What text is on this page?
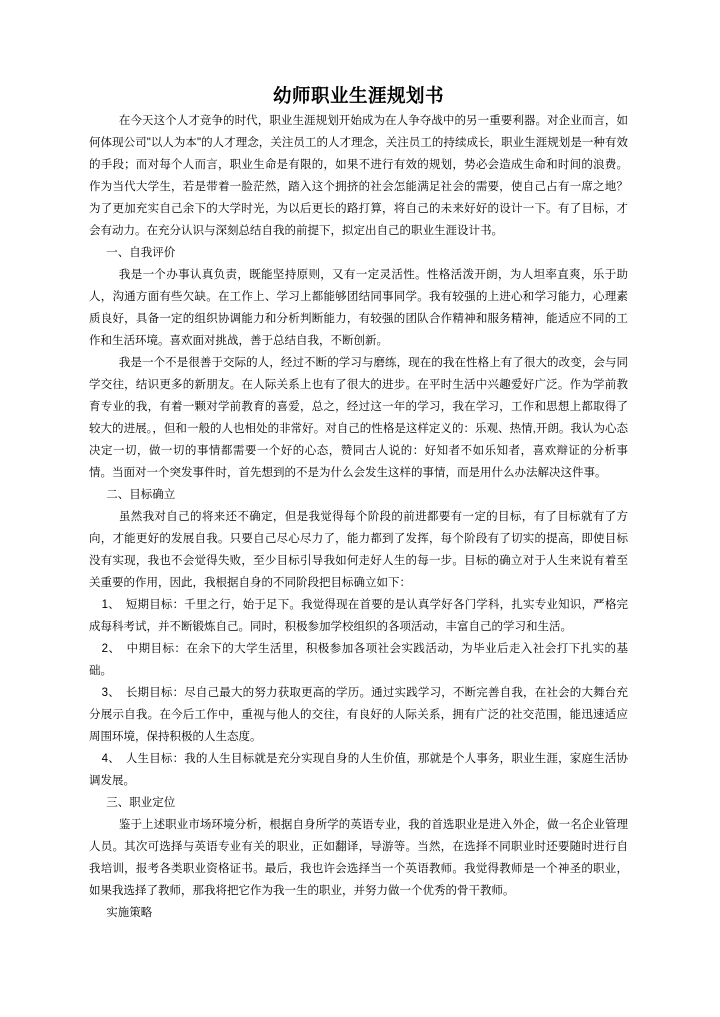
幼师职业生涯规划书

在今天这个人才竞争的时代，职业生涯规划开始成为在人争夺战中的另一重要利器。对企业而言，如何体现公司"以人为本"的人才理念，关注员工的人才理念，关注员工的持续成长，职业生涯规划是一种有效的手段；而对每个人而言，职业生命是有限的，如果不进行有效的规划，势必会造成生命和时间的浪费。作为当代大学生，若是带着一脸茫然，踏入这个拥挤的社会怎能满足社会的需要，使自己占有一席之地？为了更加充实自己余下的大学时光，为以后更长的路打算，将自己的未来好好的设计一下。有了目标，才会有动力。在充分认识与深刻总结自我的前提下，拟定出自己的职业生涯设计书。

一、自我评价

我是一个办事认真负责，既能坚持原则，又有一定灵活性。性格活泼开朗，为人坦率直爽，乐于助人，沟通方面有些欠缺。在工作上、学习上都能够团结同事同学。我有较强的上进心和学习能力，心理素质良好，具备一定的组织协调能力和分析判断能力，有较强的团队合作精神和服务精神，能适应不同的工作和生活环境。喜欢面对挑战，善于总结自我，不断创新。

我是一个不是很善于交际的人，经过不断的学习与磨练，现在的我在性格上有了很大的改变，会与同学交往，结识更多的新朋友。在人际关系上也有了很大的进步。在平时生活中兴趣爱好广泛。作为学前教育专业的我，有着一颗对学前教育的喜爱，总之，经过这一年的学习，我在学习，工作和思想上都取得了较大的进展。，但和一般的人也相处的非常好。对自己的性格是这样定义的：乐观、热情,开朗。我认为心态决定一切，做一切的事情都需要一个好的心态，赞同古人说的：好知者不如乐知者，喜欢辩证的分析事情。当面对一个突发事件时，首先想到的不是为什么会发生这样的事情，而是用什么办法解决这件事。

二、目标确立

虽然我对自己的将来还不确定，但是我觉得每个阶段的前进都要有一定的目标，有了目标就有了方向，才能更好的发展自我。只要自己尽心尽力了，能力都到了发挥，每个阶段有了切实的提高，即使目标没有实现，我也不会觉得失败，至少目标引导我如何走好人生的每一步。目标的确立对于人生来说有着至关重要的作用，因此，我根据自身的不同阶段把目标确立如下：

1、　短期目标：千里之行，始于足下。我觉得现在首要的是认真学好各门学科，扎实专业知识，严格完成每科考试，并不断锻炼自己。同时，积极参加学校组织的各项活动，丰富自己的学习和生活。

2、　中期目标：在余下的大学生活里，积极参加各项社会实践活动，为毕业后走入社会打下扎实的基础。

3、　长期目标：尽自己最大的努力获取更高的学历。通过实践学习，不断完善自我，在社会的大舞台充分展示自我。在今后工作中，重视与他人的交往，有良好的人际关系，拥有广泛的社交范围，能迅速适应周围环境，保持积极的人生态度。

4、　人生目标：我的人生目标就是充分实现自身的人生价值，那就是个人事务，职业生涯，家庭生活协调发展。

三、职业定位

鉴于上述职业市场环境分析，根据自身所学的英语专业，我的首选职业是进入外企，做一名企业管理人员。其次可选择与英语专业有关的职业，正如翻译，导游等。当然，在选择不同职业时还要随时进行自我培训，报考各类职业资格证书。最后，我也许会选择当一个英语教师。我觉得教师是一个神圣的职业，如果我选择了教师，那我将把它作为我一生的职业，并努力做一个优秀的骨干教师。

实施策略
